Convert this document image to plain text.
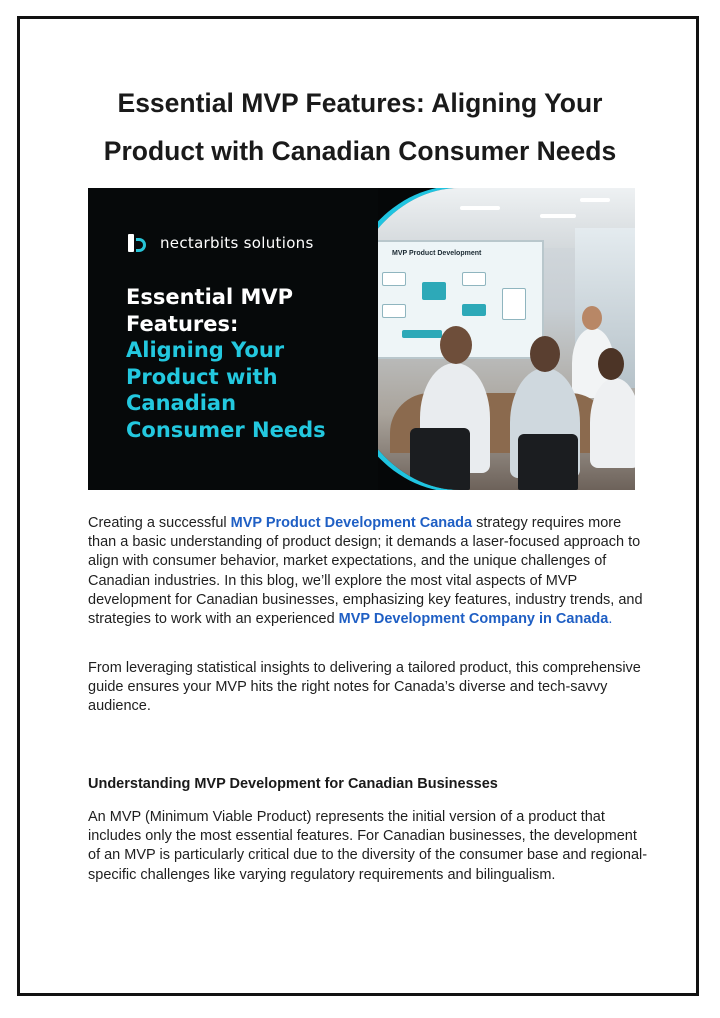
Essential MVP Features: Aligning Your
Product with Canadian Consumer Needs
MVP Product Development
nectarbits solutions
Essential MVP
Features:
Aligning Your
Product with
Canadian
Consumer Needs

Creating a successful MVP Product Development Canada strategy requires more than a basic understanding of product design; it demands a laser-focused approach to align with consumer behavior, market expectations, and the unique challenges of Canadian industries. In this blog, we’ll explore the most vital aspects of MVP development for Canadian businesses, emphasizing key features, industry trends, and strategies to work with an experienced MVP Development Company in Canada.

From leveraging statistical insights to delivering a tailored product, this comprehensive guide ensures your MVP hits the right notes for Canada’s diverse and tech-savvy audience.

Understanding MVP Development for Canadian Businesses

An MVP (Minimum Viable Product) represents the initial version of a product that includes only the most essential features. For Canadian businesses, the development of an MVP is particularly critical due to the diversity of the consumer base and regional-specific challenges like varying regulatory requirements and bilingualism.
